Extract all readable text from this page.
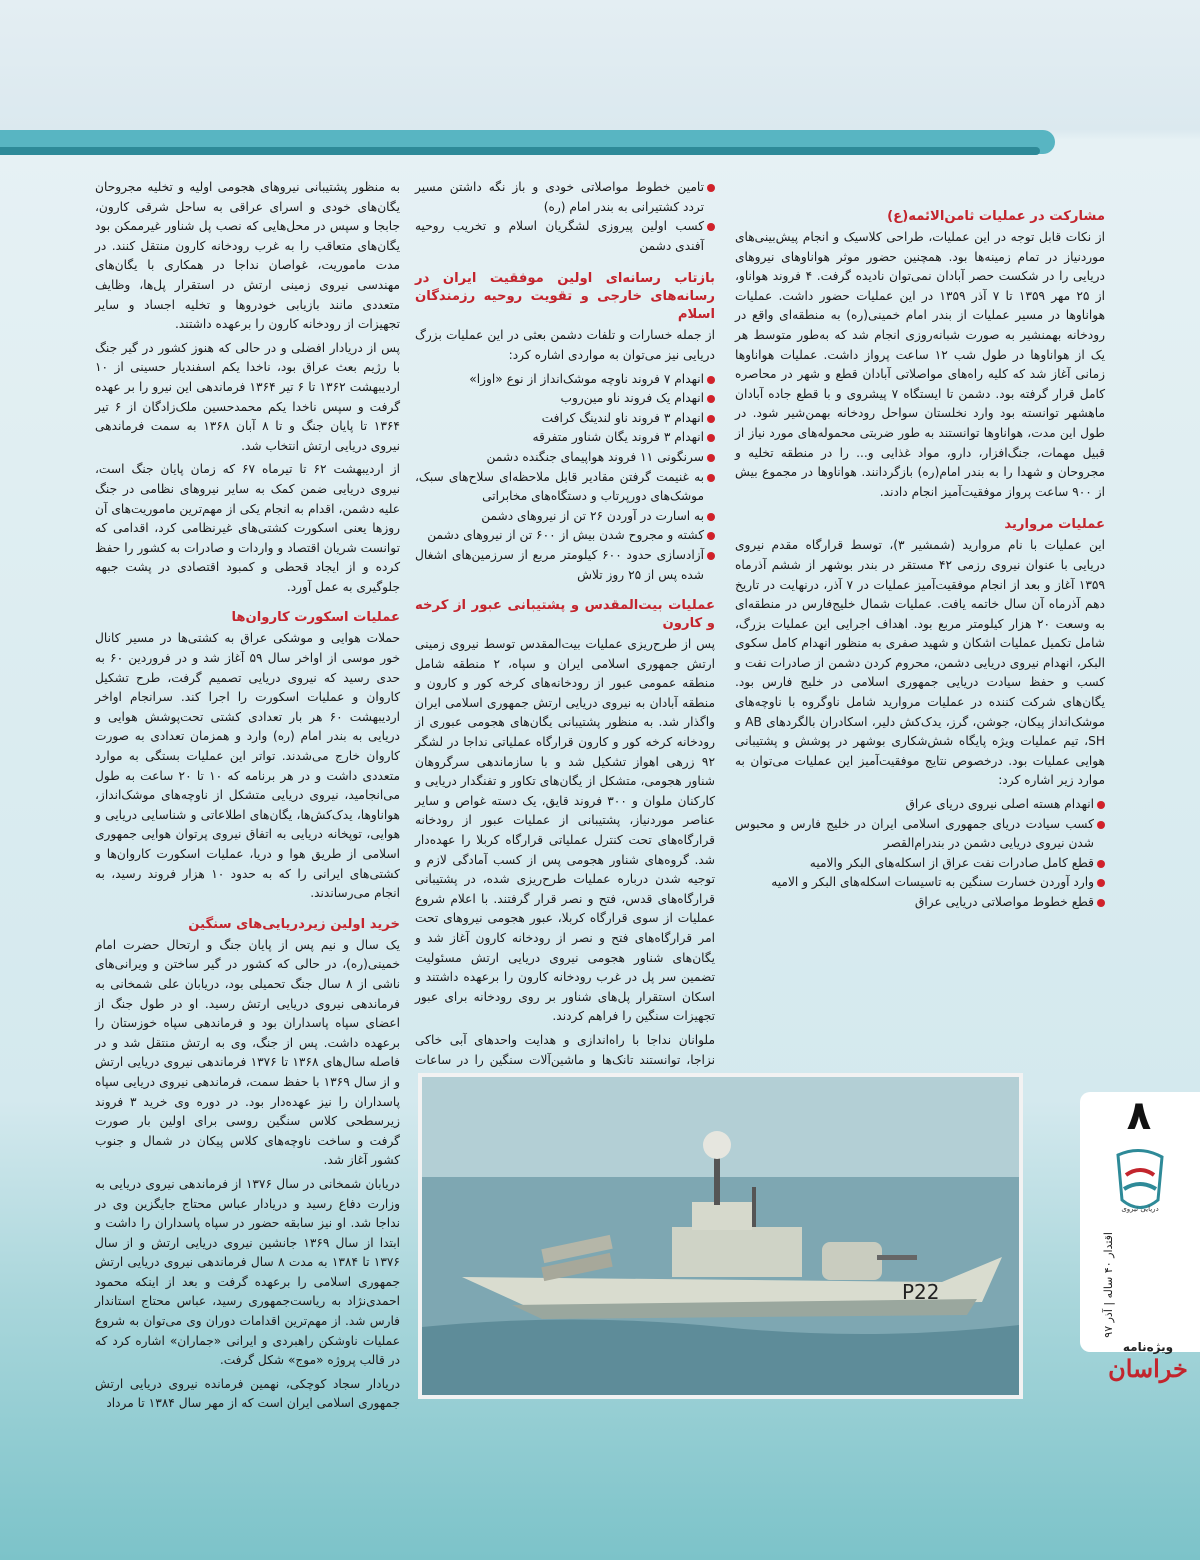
مشارکت در عملیات ثامن‌الائمه(ع)

از نکات قابل توجه در این عملیات، طراحی کلاسیک و انجام پیش‌بینی‌های موردنیاز در تمام زمینه‌ها بود. همچنین حضور موثر هواناوهای نیروهای دریایی را در شکست حصر آبادان نمی‌توان نادیده گرفت. ۴ فروند هواناو، از ۲۵ مهر ۱۳۵۹ تا ۷ آذر ۱۳۵۹ در این عملیات حضور داشت. عملیات هواناوها در مسیر عملیات از بندر امام خمینی(ره) به منطقه‌ای واقع در رودخانه بهمنشیر به صورت شبانه‌روزی انجام شد که به‌طور متوسط هر یک از هواناوها در طول شب ۱۲ ساعت پرواز داشت. عملیات هواناوها زمانی آغاز شد که کلیه راه‌های مواصلاتی آبادان قطع و شهر در محاصره کامل قرار گرفته بود. دشمن تا ایستگاه ۷ پیشروی و با قطع جاده آبادان ماهشهر توانسته بود وارد نخلستان سواحل رودخانه بهمن‌شیر شود. در طول این مدت، هواناوها توانستند به طور ضربتی محموله‌های مورد نیاز از قبیل مهمات، جنگ‌افزار، دارو، مواد غذایی و... را در منطقه تخلیه و مجروحان و شهدا را به بندر امام(ره) بازگردانند. هواناوها در مجموع بیش از ۹۰۰ ساعت پرواز موفقیت‌آمیز انجام دادند.

عملیات مروارید

این عملیات با نام مروارید (شمشیر ۳)، توسط قرارگاه مقدم نیروی دریایی با عنوان نیروی رزمی ۴۲ مستقر در بندر بوشهر از ششم آذرماه ۱۳۵۹ آغاز و بعد از انجام موفقیت‌آمیز عملیات در ۷ آذر، درنهایت در تاریخ دهم آذرماه آن سال خاتمه یافت. عملیات شمال خلیج‌فارس در منطقه‌ای به وسعت ۲۰ هزار کیلومتر مربع بود. اهداف اجرایی این عملیات بزرگ، شامل تکمیل عملیات اشکان و شهید صفری به منظور انهدام کامل سکوی البکر، انهدام نیروی دریایی دشمن، محروم کردن دشمن از صادرات نفت و کسب و حفظ سیادت دریایی جمهوری اسلامی در خلیج فارس بود. یگان‌های شرکت کننده در عملیات مروارید شامل ناوگروه با ناوچه‌های موشک‌انداز پیکان، جوشن، گرز، یدک‌کش دلیر، اسکادران بالگردهای AB و SH، تیم عملیات ویژه پایگاه شش‌شکاری بوشهر در پوشش و پشتیبانی هوایی عملیات بود. درخصوص نتایج موفقیت‌آمیز این عملیات می‌توان به موارد زیر اشاره کرد:

انهدام هسته اصلی نیروی دریای عراق
کسب سیادت دریای جمهوری اسلامی ایران در خلیج فارس و محبوس شدن نیروی دریایی دشمن در بندرام‌القصر
قطع کامل صادرات نفت عراق از اسکله‌های البکر والامیه
وارد آوردن خسارت سنگین به تاسیسات اسکله‌های البکر و الامیه
قطع خطوط مواصلاتی دریایی عراق
تامین خطوط مواصلاتی خودی و باز نگه داشتن مسیر تردد کشتیرانی به بندر امام (ره)
کسب اولین پیروزی لشگریان اسلام و تخریب روحیه آفندی دشمن
بازتاب رسانه‌ای اولین موفقیت ایران در رسانه‌های خارجی و تقویت روحیه رزمندگان اسلام

از جمله خسارات و تلفات دشمن بعثی در این عملیات بزرگ دریایی نیز می‌توان به مواردی اشاره کرد:

انهدام ۷ فروند ناوچه موشک‌انداز از نوع «اوزا»
انهدام یک فروند ناو مین‌روب
انهدام ۳ فروند ناو لندینگ کرافت
انهدام ۳ فروند یگان شناور متفرقه
سرنگونی ۱۱ فروند هواپیمای جنگنده دشمن
به غنیمت گرفتن مقادیر قابل ملاحظه‌ای سلاح‌های سبک، موشک‌های دورپرتاب و دستگاه‌های مخابراتی
به اسارت در آوردن ۲۶ تن از نیروهای دشمن
کشته و مجروح شدن بیش از ۶۰۰ تن از نیروهای دشمن
آزادسازی حدود ۶۰۰ کیلومتر مربع از سرزمین‌های اشغال شده پس از ۲۵ روز تلاش
عملیات بیت‌المقدس و پشتیبانی عبور از کرخه و کارون

پس از طرح‌ریزی عملیات بیت‌المقدس توسط نیروی زمینی ارتش جمهوری اسلامی ایران و سپاه، ۲ منطقه شامل منطقه عمومی عبور از رودخانه‌های کرخه کور و کارون و منطقه آبادان به نیروی دریایی ارتش جمهوری اسلامی ایران واگذار شد. به منظور پشتیبانی یگان‌های هجومی عبوری از رودخانه کرخه کور و کارون قرارگاه عملیاتی نداجا در لشگر ۹۲ زرهی اهواز تشکیل شد و با سازماندهی سرگروهان شناور هجومی، متشکل از یگان‌های تکاور و تفنگدار دریایی و کارکنان ملوان و ۳۰۰ فروند قایق، یک دسته غواص و سایر عناصر موردنیاز، پشتیبانی از عملیات عبور از رودخانه قرارگاه‌های تحت کنترل عملیاتی قرارگاه کربلا را عهده‌دار شد. گروه‌های شناور هجومی پس از کسب آمادگی لازم و توجیه شدن درباره عملیات طرح‌ریزی شده، در پشتیبانی قرارگاه‌های قدس، فتح و نصر قرار گرفتند. با اعلام شروع عملیات از سوی قرارگاه کربلا، عبور هجومی نیروهای تحت امر قرارگاه‌های فتح و نصر از رودخانه کارون آغاز شد و یگان‌های شناور هجومی نیروی دریایی ارتش مسئولیت تضمین سر پل در غرب رودخانه کارون را برعهده داشتند و اسکان استقرار پل‌های شناور بر روی رودخانه برای عبور تجهیزات سنگین را فراهم کردند.

ملوانان نداجا با راه‌اندازی و هدایت واحدهای آبی خاکی نزاجا، توانستند تانک‌ها و ماشین‌آلات سنگین را در ساعات

به منظور پشتیبانی نیروهای هجومی اولیه و تخلیه مجروحان یگان‌های خودی و اسرای عراقی به ساحل شرقی کارون، جابجا و سپس در محل‌هایی که نصب پل شناور غیرممکن بود یگان‌های متعاقب را به غرب رودخانه کارون منتقل کنند. در مدت ماموریت، غواصان نداجا در همکاری با یگان‌های مهندسی نیروی زمینی ارتش در استقرار پل‌ها، وظایف متعددی مانند بازیابی خودروها و تخلیه اجساد و سایر تجهیزات از رودخانه کارون را برعهده داشتند.

پس از دریادار افضلی و در حالی که هنوز کشور در گیر جنگ با رژیم بعث عراق بود، ناخدا یکم اسفندیار حسینی از ۱۰ اردیبهشت ۱۳۶۲ تا ۶ تیر ۱۳۶۴ فرماندهی این نیرو را بر عهده گرفت و سپس ناخدا یکم محمدحسین ملک‌زادگان از ۶ تیر ۱۳۶۴ تا پایان جنگ و تا ۸ آبان ۱۳۶۸ به سمت فرماندهی نیروی دریایی ارتش انتخاب شد.

از اردیبهشت ۶۲ تا تیرماه ۶۷ که زمان پایان جنگ است، نیروی دریایی ضمن کمک به سایر نیروهای نظامی در جنگ علیه دشمن، اقدام به انجام یکی از مهم‌ترین ماموریت‌های آن روزها یعنی اسکورت کشتی‌های غیرنظامی کرد، اقدامی که توانست شریان اقتصاد و واردات و صادرات به کشور را حفظ کرده و از ایجاد قحطی و کمبود اقتصادی در پشت جبهه جلوگیری به عمل آورد.

عملیات اسکورت کاروان‌ها

حملات هوایی و موشکی عراق به کشتی‌ها در مسیر کانال خور موسی از اواخر سال ۵۹ آغاز شد و در فروردین ۶۰ به حدی رسید که نیروی دریایی تصمیم گرفت، طرح تشکیل کاروان و عملیات اسکورت را اجرا کند. سرانجام اواخر اردیبهشت ۶۰ هر بار تعدادی کشتی تحت‌پوشش هوایی و دریایی به بندر امام (ره) وارد و همزمان تعدادی به صورت کاروان خارج می‌شدند. تواتر این عملیات بستگی به موارد متعددی داشت و در هر برنامه که ۱۰ تا ۲۰ ساعت به طول می‌انجامید، نیروی دریایی متشکل از ناوچه‌های موشک‌انداز، هواناوها، یدک‌کش‌ها، یگان‌های اطلاعاتی و شناسایی دریایی و هوایی، توپخانه دریایی به اتفاق نیروی پرتوان هوایی جمهوری اسلامی از طریق هوا و دریا، عملیات اسکورت کاروان‌ها و کشتی‌های ایرانی را که به حدود ۱۰ هزار فروند رسید، به انجام می‌رساندند.

خرید اولین زیردریایی‌های سنگین

یک سال و نیم پس از پایان جنگ و ارتحال حضرت امام خمینی(ره)، در حالی که کشور در گیر ساختن و ویرانی‌های ناشی از ۸ سال جنگ تحمیلی بود، دریابان علی شمخانی به فرماندهی نیروی دریایی ارتش رسید. او در طول جنگ از اعضای سپاه پاسداران بود و فرماندهی سپاه خوزستان را برعهده داشت. پس از جنگ، وی به ارتش منتقل شد و در فاصله سال‌های ۱۳۶۸ تا ۱۳۷۶ فرماندهی نیروی دریایی ارتش و از سال ۱۳۶۹ با حفظ سمت، فرماندهی نیروی دریایی سپاه پاسداران را نیز عهده‌دار بود. در دوره وی خرید ۳ فروند زیرسطحی کلاس سنگین روسی برای اولین بار صورت گرفت و ساخت ناوچه‌های کلاس پیکان در شمال و جنوب کشور آغاز شد.

دریابان شمخانی در سال ۱۳۷۶ از فرماندهی نیروی دریایی به وزارت دفاع رسید و دریادار عباس محتاج جایگزین وی در نداجا شد. او نیز سابقه حضور در سپاه پاسداران را داشت و ابتدا از سال ۱۳۶۹ جانشین نیروی دریایی ارتش و از سال ۱۳۷۶ تا ۱۳۸۴ به مدت ۸ سال فرماندهی نیروی دریایی ارتش جمهوری اسلامی را برعهده گرفت و بعد از اینکه محمود احمدی‌نژاد به ریاست‌جمهوری رسید، عباس محتاج استاندار فارس شد. از مهم‌ترین اقدامات دوران وی می‌توان به شروع عملیات ناوشکن راهبردی و ایرانی «جماران» اشاره کرد که در قالب پروژه «موج» شکل گرفت.

دریادار سجاد کوچکی، نهمین فرمانده نیروی دریایی ارتش جمهوری اسلامی ایران است که از مهر سال ۱۳۸۴ تا مرداد

P22
۸
دریایی نیروی
اقتدار ۴۰ ساله | آذر ۹۷
ویژه‌نامه
خراسان
